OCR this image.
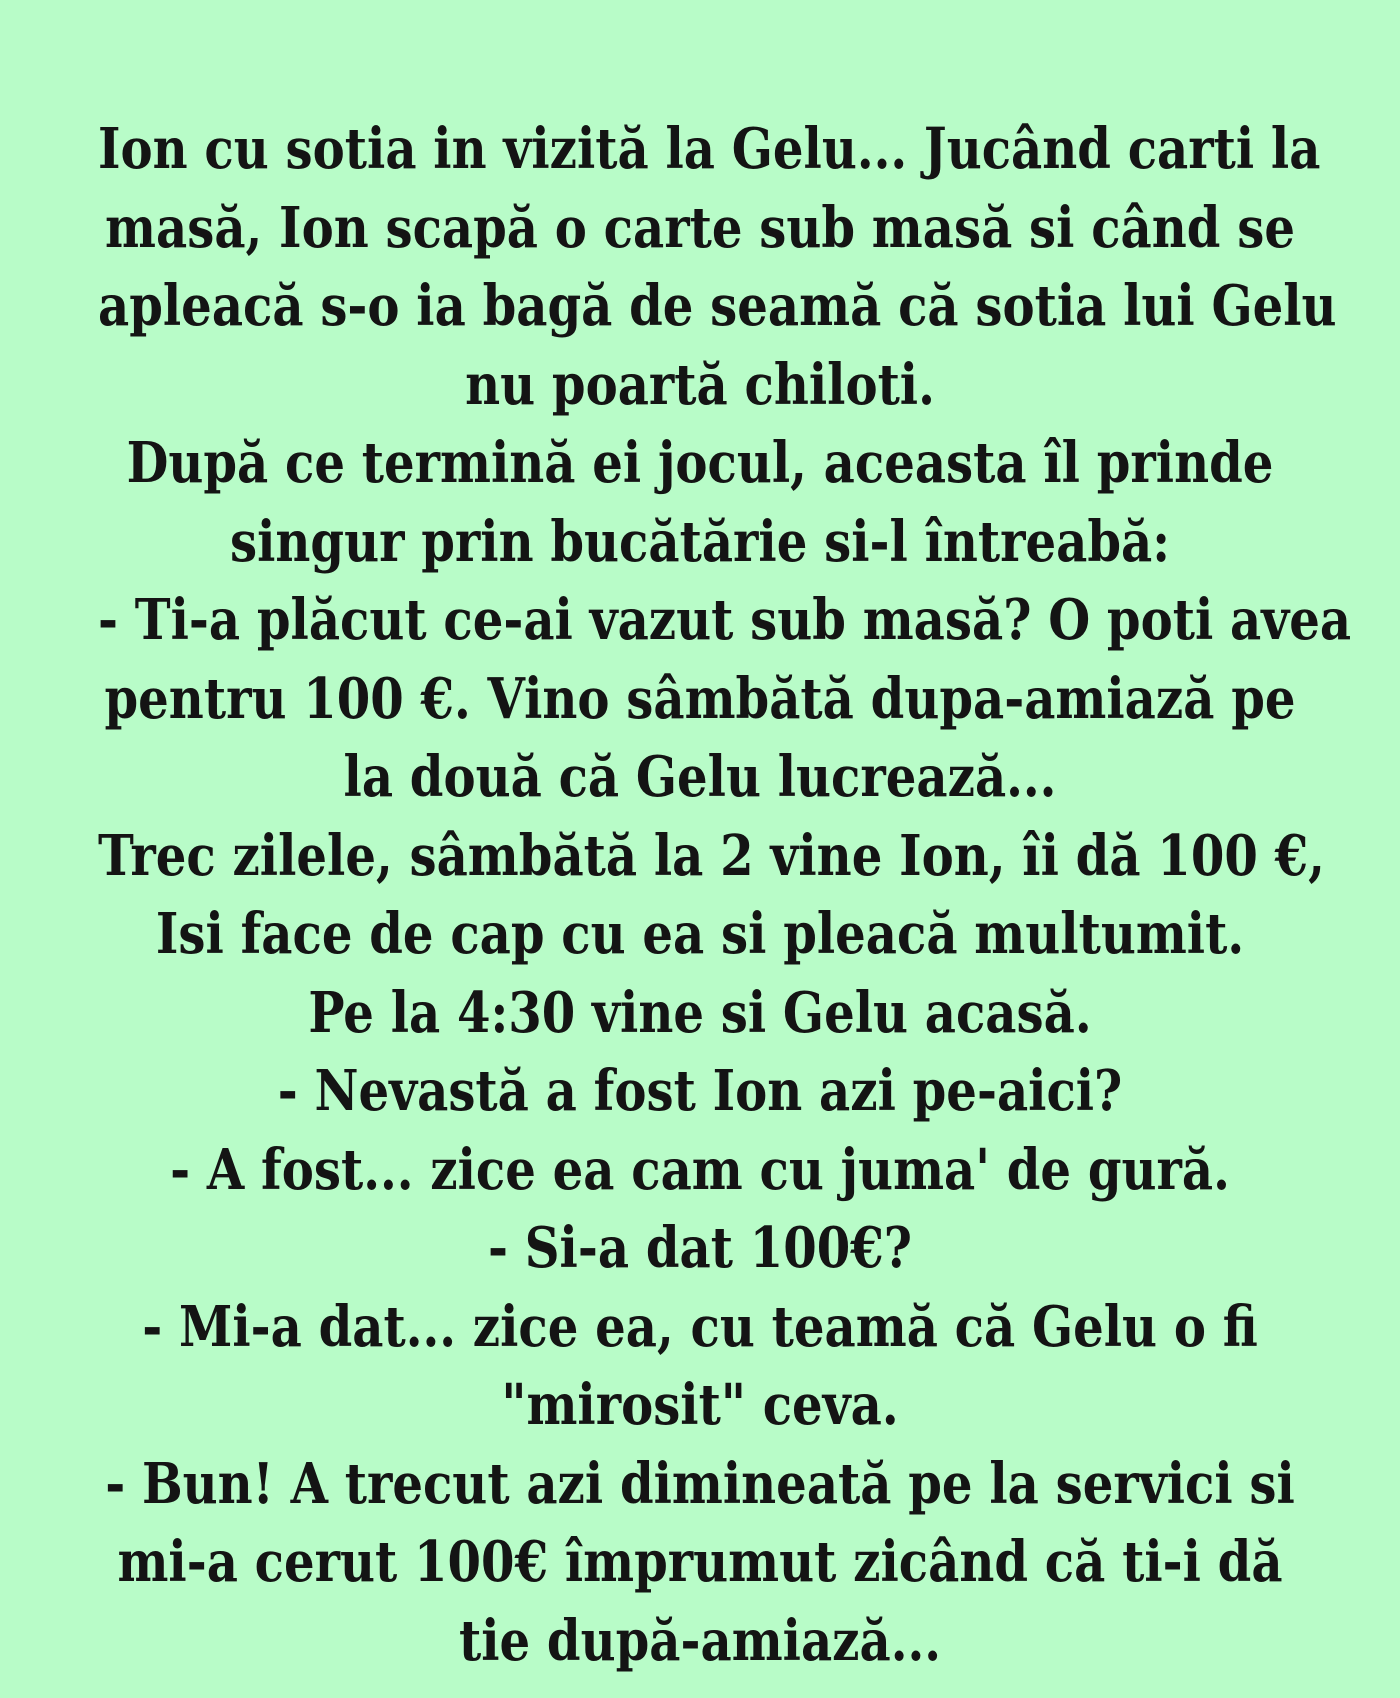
Ion cu sotia in vizită la Gelu... Jucând carti la
masă, Ion scapă o carte sub masă si când se
apleacă s-o ia bagă de seamă că sotia lui Gelu
nu poartă chiloti.
După ce termină ei jocul, aceasta îl prinde
singur prin bucătărie si-l întreabă:
- Ti-a plăcut ce-ai vazut sub masă? O poti avea
pentru 100 €. Vino sâmbătă dupa-amiază pe
la două că Gelu lucrează...
Trec zilele, sâmbătă la 2 vine Ion, îi dă 100 €,
Isi face de cap cu ea si pleacă multumit.
Pe la 4:30 vine si Gelu acasă.
- Nevastă a fost Ion azi pe-aici?
- A fost... zice ea cam cu juma' de gură.
- Si-a dat 100€?
- Mi-a dat... zice ea, cu teamă că Gelu o fi
"mirosit" ceva.
- Bun! A trecut azi dimineată pe la servici si
mi-a cerut 100€ împrumut zicând că ti-i dă
tie după-amiază...
